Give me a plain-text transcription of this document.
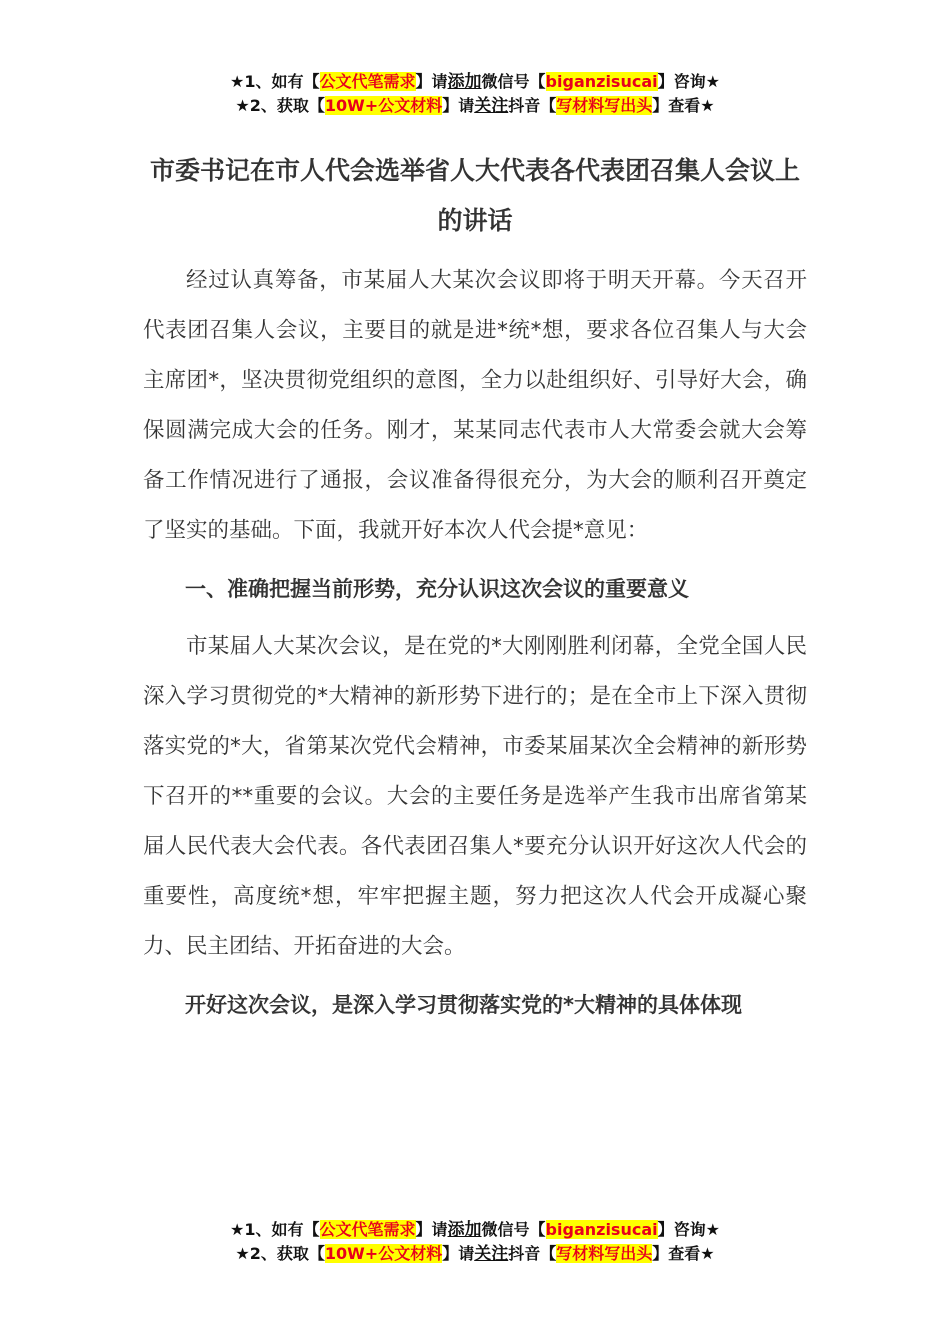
★1、如有【公文代笔需求】请添加微信号【biganzisucai】咨询★
★2、获取【10W+公文材料】请关注抖音【写材料写出头】查看★
市委书记在市人代会选举省人大代表各代表团召集人会议上的讲话

经过认真筹备，市某届人大某次会议即将于明天开幕。今天召开代表团召集人会议，主要目的就是进*统*想，要求各位召集人与大会主席团*，坚决贯彻党组织的意图，全力以赴组织好、引导好大会，确保圆满完成大会的任务。刚才，某某同志代表市人大常委会就大会筹备工作情况进行了通报，会议准备得很充分，为大会的顺利召开奠定了坚实的基础。下面，我就开好本次人代会提*意见：

一、准确把握当前形势，充分认识这次会议的重要意义

市某届人大某次会议，是在党的*大刚刚胜利闭幕，全党全国人民深入学习贯彻党的*大精神的新形势下进行的；是在全市上下深入贯彻落实党的*大，省第某次党代会精神，市委某届某次全会精神的新形势下召开的**重要的会议。大会的主要任务是选举产生我市出席省第某届人民代表大会代表。各代表团召集人*要充分认识开好这次人代会的重要性，高度统*想，牢牢把握主题，努力把这次人代会开成凝心聚力、民主团结、开拓奋进的大会。

开好这次会议，是深入学习贯彻落实党的*大精神的具体体现
★1、如有【公文代笔需求】请添加微信号【biganzisucai】咨询★
★2、获取【10W+公文材料】请关注抖音【写材料写出头】查看★
